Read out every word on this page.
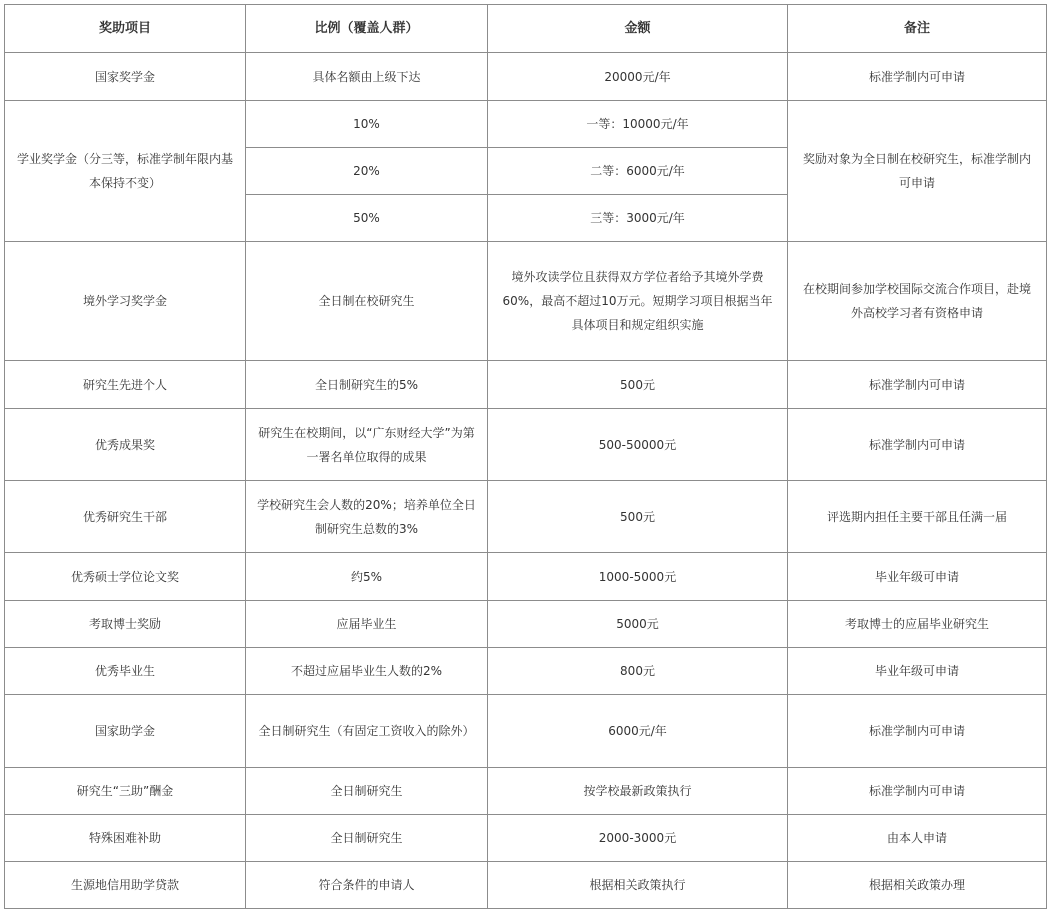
奖助项目	比例（覆盖人群）	金额	备注
国家奖学金	具体名额由上级下达	20000元/年	标准学制内可申请
学业奖学金（分三等，标准学制年限内基本保持不变）	10%	一等：10000元/年	奖励对象为全日制在校研究生，标准学制内可申请
	20%	二等：6000元/年	
	50%	三等：3000元/年	
境外学习奖学金	全日制在校研究生	境外攻读学位且获得双方学位者给予其境外学费60%，最高不超过10万元。短期学习项目根据当年具体项目和规定组织实施	在校期间参加学校国际交流合作项目，赴境外高校学习者有资格申请
研究生先进个人	全日制研究生的5%	500元	标准学制内可申请
优秀成果奖	研究生在校期间，以“广东财经大学”为第一署名单位取得的成果	500-50000元	标准学制内可申请
优秀研究生干部	学校研究生会人数的20%；培养单位全日制研究生总数的3%	500元	评选期内担任主要干部且任满一届
优秀硕士学位论文奖	约5%	1000-5000元	毕业年级可申请
考取博士奖励	应届毕业生	5000元	考取博士的应届毕业研究生
优秀毕业生	不超过应届毕业生人数的2%	800元	毕业年级可申请
国家助学金	全日制研究生（有固定工资收入的除外）	6000元/年	标准学制内可申请
研究生“三助”酬金	全日制研究生	按学校最新政策执行	标准学制内可申请
特殊困难补助	全日制研究生	2000-3000元	由本人申请
生源地信用助学贷款	符合条件的申请人	根据相关政策执行	根据相关政策办理
